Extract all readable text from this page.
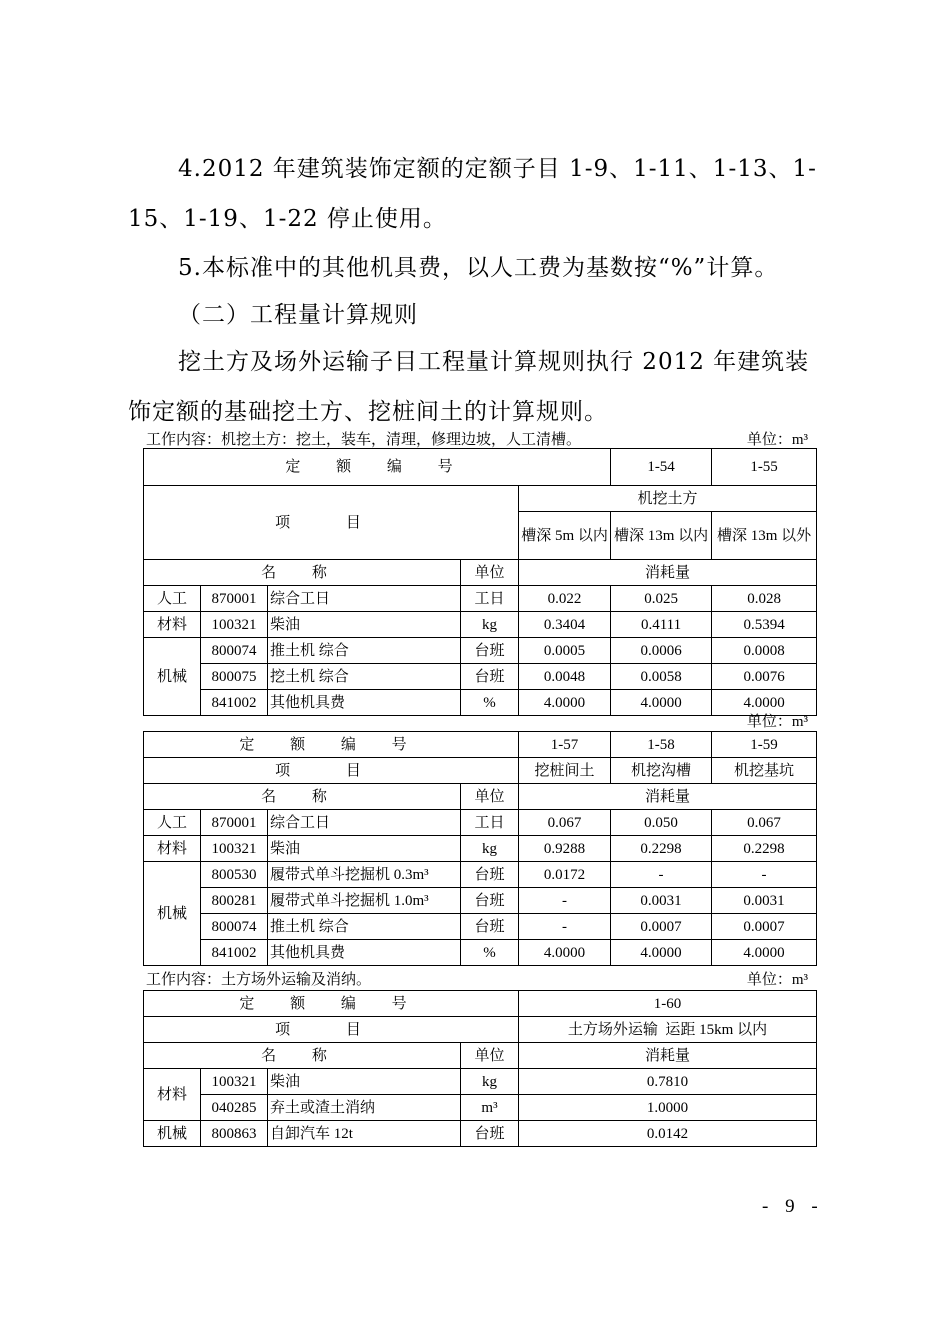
4.2012 年建筑装饰定额的定额子目 1-9、1-11、1-13、1-
15、1-19、1-22 停止使用。
5.本标准中的其他机具费，以人工费为基数按“%”计算。
（二）工程量计算规则
挖土方及场外运输子目工程量计算规则执行 2012 年建筑装
饰定额的基础挖土方、挖桩间土的计算规则。
工作内容：机挖土方：挖土，装车，清理，修理边坡，人工清槽。	单位：m³
定 额 编 号					1-54	1-55	
项 目				机挖土方			
				槽深 5m 以内	槽深 13m 以内	槽深 13m 以外	
名 称			单位	消耗量			
人工	870001	综合工日	工日	0.022	0.025	0.028	
材料	100321	柴油	kg	0.3404	0.4111	0.5394	
机械	800074	推土机 综合	台班	0.0005	0.0006	0.0008	
	800075	挖土机 综合	台班	0.0048	0.0058	0.0076	
	841002	其他机具费	%	4.0000	4.0000	4.0000	
单位：m³
定 额 编 号				1-57	1-58	1-59
项 目				挖桩间土	机挖沟槽	机挖基坑
名 称			单位	消耗量		
人工	870001	综合工日	工日	0.067	0.050	0.067
材料	100321	柴油	kg	0.9288	0.2298	0.2298
机械	800530	履带式单斗挖掘机 0.3m³	台班	0.0172	-	-
	800281	履带式单斗挖掘机 1.0m³	台班	-	0.0031	0.0031
	800074	推土机 综合	台班	-	0.0007	0.0007
	841002	其他机具费	%	4.0000	4.0000	4.0000
工作内容：土方场外运输及消纳。	单位：m³
定 额 编 号				1-60
项 目				土方场外运输  运距 15km 以内
名 称			单位	消耗量
材料	100321	柴油	kg	0.7810
	040285	弃土或渣土消纳	m³	1.0000
机械	800863	自卸汽车 12t	台班	0.0142
- 9 -
